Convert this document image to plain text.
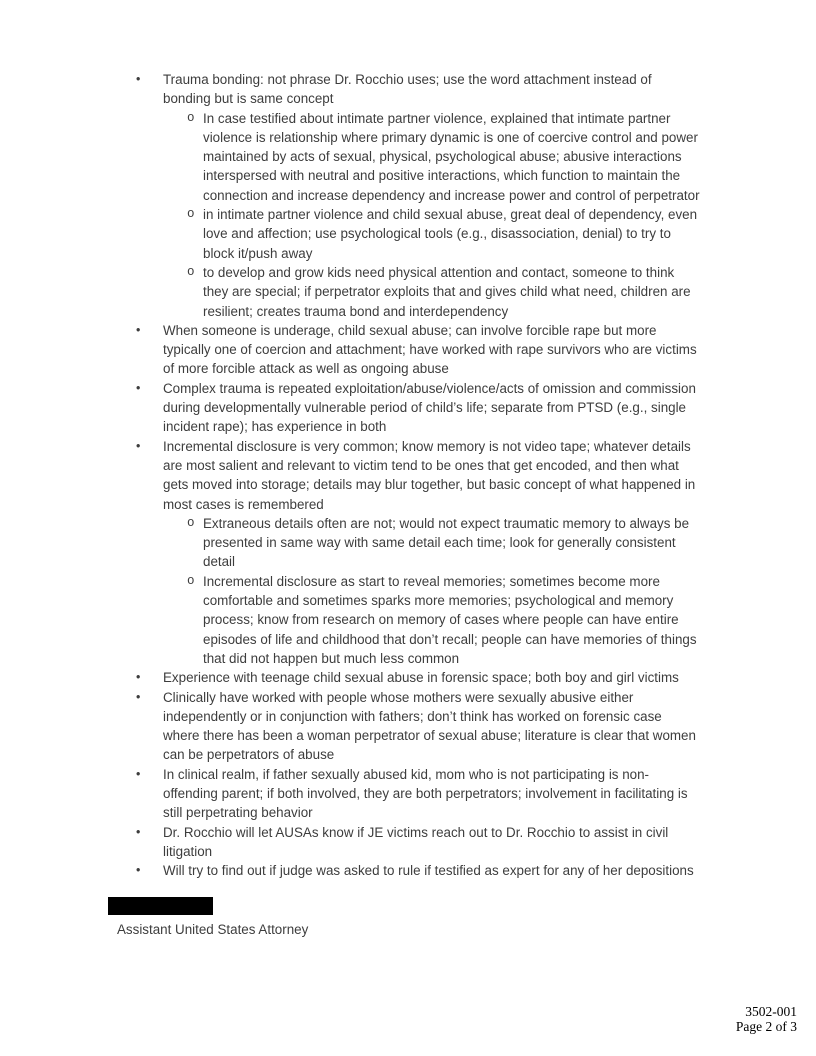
•	Trauma bonding: not phrase Dr. Rocchio uses; use the word attachment instead of bonding but is same concept
o In case testified about intimate partner violence, explained that intimate partner violence is relationship where primary dynamic is one of coercive control and power maintained by acts of sexual, physical, psychological abuse; abusive interactions interspersed with neutral and positive interactions, which function to maintain the connection and increase dependency and increase power and control of perpetrator
o in intimate partner violence and child sexual abuse, great deal of dependency, even love and affection; use psychological tools (e.g., disassociation, denial) to try to block it/push away
o to develop and grow kids need physical attention and contact, someone to think they are special; if perpetrator exploits that and gives child what need, children are resilient; creates trauma bond and interdependency
•	When someone is underage, child sexual abuse; can involve forcible rape but more typically one of coercion and attachment; have worked with rape survivors who are victims of more forcible attack as well as ongoing abuse
•	Complex trauma is repeated exploitation/abuse/violence/acts of omission and commission during developmentally vulnerable period of child’s life; separate from PTSD (e.g., single incident rape); has experience in both
•	Incremental disclosure is very common; know memory is not video tape; whatever details are most salient and relevant to victim tend to be ones that get encoded, and then what gets moved into storage; details may blur together, but basic concept of what happened in most cases is remembered
o Extraneous details often are not; would not expect traumatic memory to always be presented in same way with same detail each time; look for generally consistent detail
o Incremental disclosure as start to reveal memories; sometimes become more comfortable and sometimes sparks more memories; psychological and memory process; know from research on memory of cases where people can have entire episodes of life and childhood that don’t recall; people can have memories of things that did not happen but much less common
•	Experience with teenage child sexual abuse in forensic space; both boy and girl victims
•	Clinically have worked with people whose mothers were sexually abusive either independently or in conjunction with fathers; don’t think has worked on forensic case where there has been a woman perpetrator of sexual abuse; literature is clear that women can be perpetrators of abuse
•	In clinical realm, if father sexually abused kid, mom who is not participating is non-offending parent; if both involved, they are both perpetrators; involvement in facilitating is still perpetrating behavior
•	Dr. Rocchio will let AUSAs know if JE victims reach out to Dr. Rocchio to assist in civil litigation
•	Will try to find out if judge was asked to rule if testified as expert for any of her depositions
Assistant United States Attorney
3502-001
Page 2 of 3
